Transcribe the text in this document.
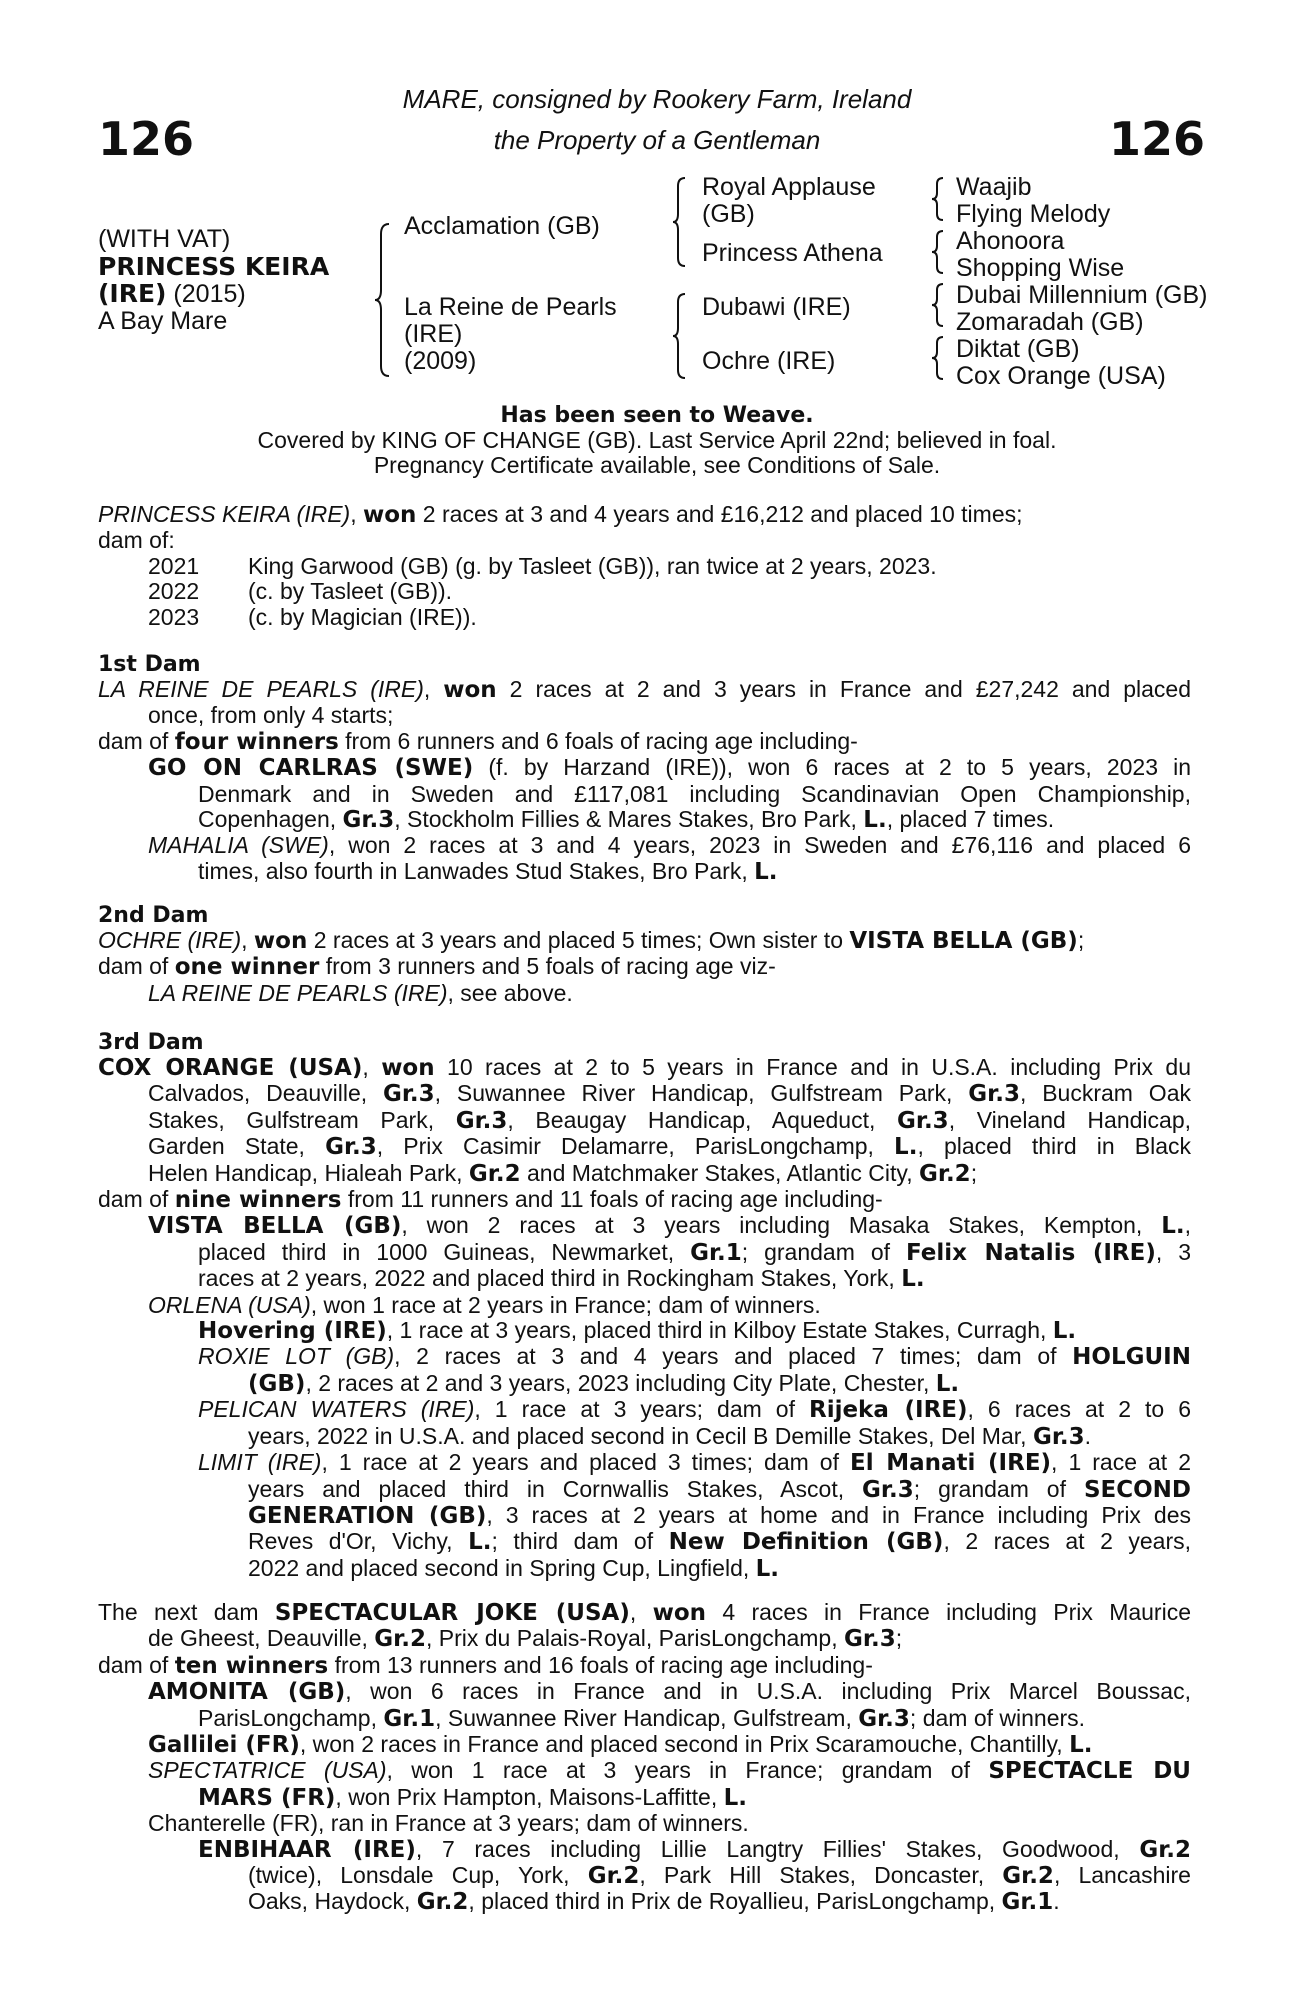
126	126
MARE, consigned by Rookery Farm, Ireland
the Property of a Gentleman
(WITH VAT)
PRINCESS KEIRA
(IRE) (2015)
A Bay Mare
Acclamation (GB)
La Reine de Pearls
(IRE)
(2009)
Royal Applause
(GB)
Princess Athena
Dubawi (IRE)
Ochre (IRE)
Waajib
Flying Melody
Ahonoora
Shopping Wise
Dubai Millennium (GB)
Zomaradah (GB)
Diktat (GB)
Cox Orange (USA)
Has been seen to Weave.
Covered by KING OF CHANGE (GB). Last Service April 22nd; believed in foal.
Pregnancy Certificate available, see Conditions of Sale.
PRINCESS KEIRA (IRE), won 2 races at 3 and 4 years and £16,212 and placed 10 times;
dam of:
2021 King Garwood (GB) (g. by Tasleet (GB)), ran twice at 2 years, 2023.
2022 (c. by Tasleet (GB)).
2023 (c. by Magician (IRE)).
1st Dam
LA REINE DE PEARLS (IRE), won 2 races at 2 and 3 years in France and £27,242 and placed
once, from only 4 starts;
dam of four winners from 6 runners and 6 foals of racing age including-
GO ON CARLRAS (SWE) (f. by Harzand (IRE)), won 6 races at 2 to 5 years, 2023 in
Denmark and in Sweden and £117,081 including Scandinavian Open Championship,
Copenhagen, Gr.3, Stockholm Fillies & Mares Stakes, Bro Park, L., placed 7 times.
MAHALIA (SWE), won 2 races at 3 and 4 years, 2023 in Sweden and £76,116 and placed 6
times, also fourth in Lanwades Stud Stakes, Bro Park, L.
2nd Dam
OCHRE (IRE), won 2 races at 3 years and placed 5 times; Own sister to VISTA BELLA (GB);
dam of one winner from 3 runners and 5 foals of racing age viz-
LA REINE DE PEARLS (IRE), see above.
3rd Dam
COX ORANGE (USA), won 10 races at 2 to 5 years in France and in U.S.A. including Prix du
Calvados, Deauville, Gr.3, Suwannee River Handicap, Gulfstream Park, Gr.3, Buckram Oak
Stakes, Gulfstream Park, Gr.3, Beaugay Handicap, Aqueduct, Gr.3, Vineland Handicap,
Garden State, Gr.3, Prix Casimir Delamarre, ParisLongchamp, L., placed third in Black
Helen Handicap, Hialeah Park, Gr.2 and Matchmaker Stakes, Atlantic City, Gr.2;
dam of nine winners from 11 runners and 11 foals of racing age including-
VISTA BELLA (GB), won 2 races at 3 years including Masaka Stakes, Kempton, L.,
placed third in 1000 Guineas, Newmarket, Gr.1; grandam of Felix Natalis (IRE), 3
races at 2 years, 2022 and placed third in Rockingham Stakes, York, L.
ORLENA (USA), won 1 race at 2 years in France; dam of winners.
Hovering (IRE), 1 race at 3 years, placed third in Kilboy Estate Stakes, Curragh, L.
ROXIE LOT (GB), 2 races at 3 and 4 years and placed 7 times; dam of HOLGUIN
(GB), 2 races at 2 and 3 years, 2023 including City Plate, Chester, L.
PELICAN WATERS (IRE), 1 race at 3 years; dam of Rijeka (IRE), 6 races at 2 to 6
years, 2022 in U.S.A. and placed second in Cecil B Demille Stakes, Del Mar, Gr.3.
LIMIT (IRE), 1 race at 2 years and placed 3 times; dam of El Manati (IRE), 1 race at 2
years and placed third in Cornwallis Stakes, Ascot, Gr.3; grandam of SECOND
GENERATION (GB), 3 races at 2 years at home and in France including Prix des
Reves d'Or, Vichy, L.; third dam of New Definition (GB), 2 races at 2 years,
2022 and placed second in Spring Cup, Lingfield, L.
The next dam SPECTACULAR JOKE (USA), won 4 races in France including Prix Maurice
de Gheest, Deauville, Gr.2, Prix du Palais-Royal, ParisLongchamp, Gr.3;
dam of ten winners from 13 runners and 16 foals of racing age including-
AMONITA (GB), won 6 races in France and in U.S.A. including Prix Marcel Boussac,
ParisLongchamp, Gr.1, Suwannee River Handicap, Gulfstream, Gr.3; dam of winners.
Gallilei (FR), won 2 races in France and placed second in Prix Scaramouche, Chantilly, L.
SPECTATRICE (USA), won 1 race at 3 years in France; grandam of SPECTACLE DU
MARS (FR), won Prix Hampton, Maisons-Laffitte, L.
Chanterelle (FR), ran in France at 3 years; dam of winners.
ENBIHAAR (IRE), 7 races including Lillie Langtry Fillies' Stakes, Goodwood, Gr.2
(twice), Lonsdale Cup, York, Gr.2, Park Hill Stakes, Doncaster, Gr.2, Lancashire
Oaks, Haydock, Gr.2, placed third in Prix de Royallieu, ParisLongchamp, Gr.1.
